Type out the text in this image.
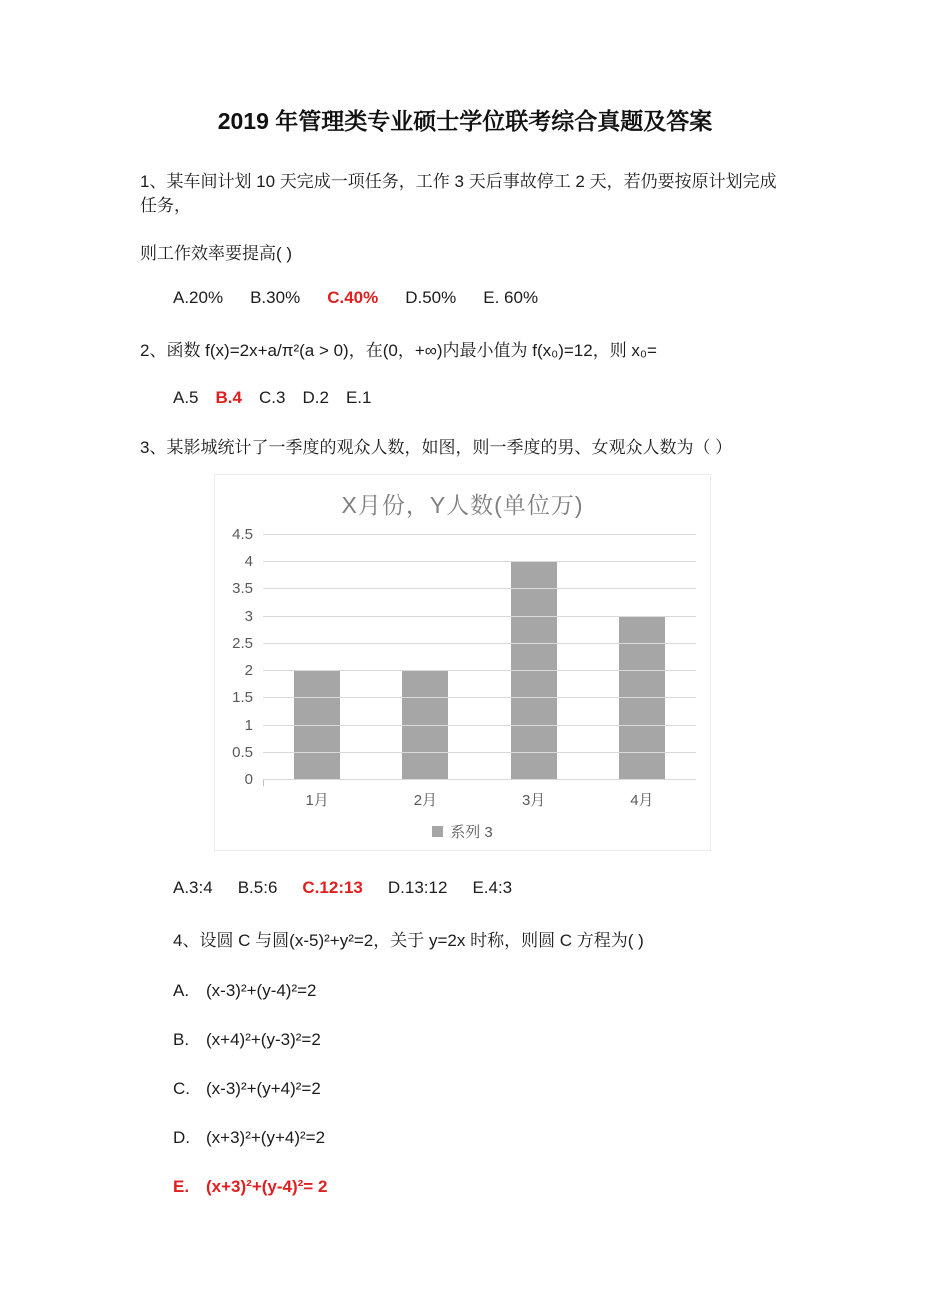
2019 年管理类专业硕士学位联考综合真题及答案
1、某车间计划 10 天完成一项任务，工作 3 天后事故停工 2 天，若仍要按原计划完成任务，
则工作效率要提高( )
A.20% B.30% C.40% D.50% E. 60%
2、函数 f(x)=2x+a/π²(a > 0)，在(0，+∞)内最小值为 f(x₀)=12，则 x₀=
A.5 B.4 C.3 D.2 E.1
3、某影城统计了一季度的观众人数，如图，则一季度的男、女观众人数为（ ）
X月份，Y人数(单位万)
4.5
4
3.5
3
2.5
2
1.5
1
0.5
0
1月	2月	3月	4月
系列 3
A.3:4 B.5:6 C.12:13 D.13:12 E.4:3
4、设圆 C 与圆(x-5)²+y²=2，关于 y=2x 时称，则圆 C 方程为( )
A. (x-3)²+(y-4)²=2
B. (x+4)²+(y-3)²=2
C. (x-3)²+(y+4)²=2
D. (x+3)²+(y+4)²=2
E. (x+3)²+(y-4)²= 2
